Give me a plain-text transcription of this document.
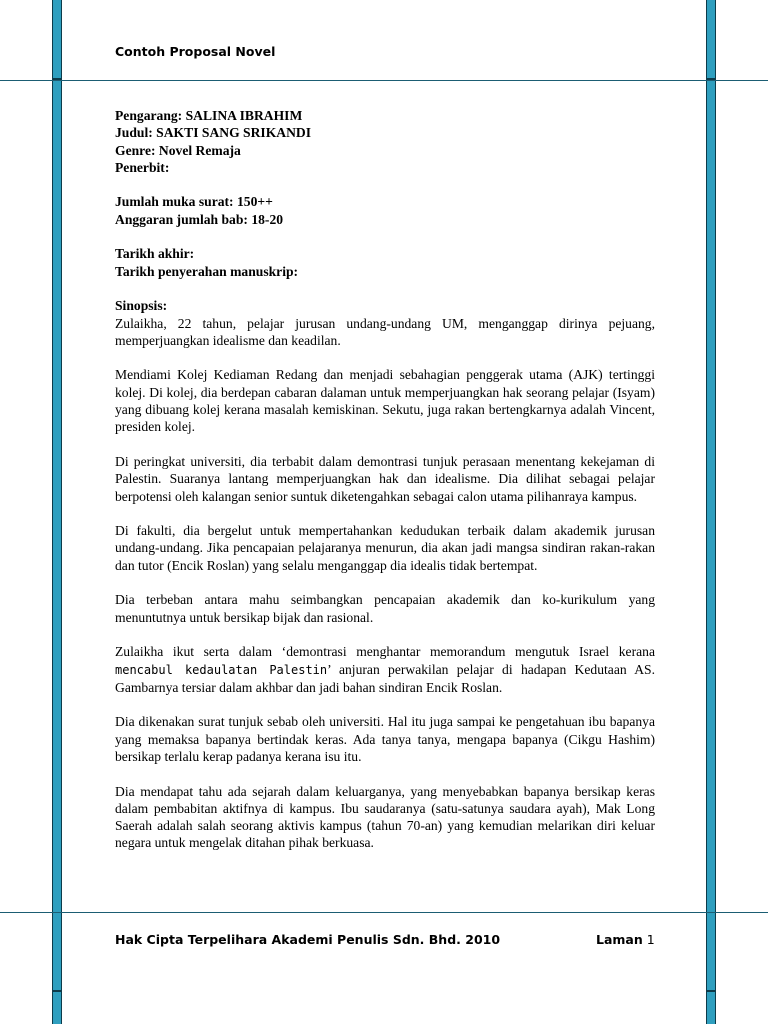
Contoh Proposal Novel
Pengarang: SALINA IBRAHIM
Judul: SAKTI SANG SRIKANDI
Genre: Novel Remaja
Penerbit:
Jumlah muka surat: 150++
Anggaran jumlah bab: 18-20
Tarikh akhir:
Tarikh penyerahan manuskrip:
Sinopsis:

Zulaikha, 22 tahun, pelajar jurusan undang-undang UM, menganggap dirinya pejuang, memperjuangkan idealisme dan keadilan.

Mendiami Kolej Kediaman Redang dan menjadi sebahagian penggerak utama (AJK) tertinggi kolej. Di kolej, dia berdepan cabaran dalaman untuk memperjuangkan hak seorang pelajar (Isyam) yang dibuang kolej kerana masalah kemiskinan. Sekutu, juga rakan bertengkarnya adalah Vincent, presiden kolej.

Di peringkat universiti, dia terbabit dalam demontrasi tunjuk perasaan menentang kekejaman di Palestin. Suaranya lantang memperjuangkan hak dan idealisme. Dia dilihat sebagai pelajar berpotensi oleh kalangan senior suntuk diketengahkan sebagai calon utama pilihanraya kampus.

Di fakulti, dia bergelut untuk mempertahankan kedudukan terbaik dalam akademik jurusan undang-undang. Jika pencapaian pelajaranya menurun, dia akan jadi mangsa sindiran rakan-rakan dan tutor (Encik Roslan) yang selalu menganggap dia idealis tidak bertempat.

Dia terbeban antara mahu seimbangkan pencapaian akademik dan ko-kurikulum yang menuntutnya untuk bersikap bijak dan rasional.

Zulaikha ikut serta dalam ‘demontrasi menghantar memorandum mengutuk Israel kerana mencabul kedaulatan Palestin’ anjuran perwakilan pelajar di hadapan Kedutaan AS. Gambarnya tersiar dalam akhbar dan jadi bahan sindiran Encik Roslan.

Dia dikenakan surat tunjuk sebab oleh universiti. Hal itu juga sampai ke pengetahuan ibu bapanya yang memaksa bapanya bertindak keras. Ada tanya tanya, mengapa bapanya (Cikgu Hashim) bersikap terlalu kerap padanya kerana isu itu.

Dia mendapat tahu ada sejarah dalam keluarganya, yang menyebabkan bapanya bersikap keras dalam pembabitan aktifnya di kampus. Ibu saudaranya (satu-satunya saudara ayah), Mak Long Saerah adalah salah seorang aktivis kampus (tahun 70-an) yang kemudian melarikan diri keluar negara untuk mengelak ditahan pihak berkuasa.

Hak Cipta Terpelihara Akademi Penulis Sdn. Bhd. 2010	Laman 1
